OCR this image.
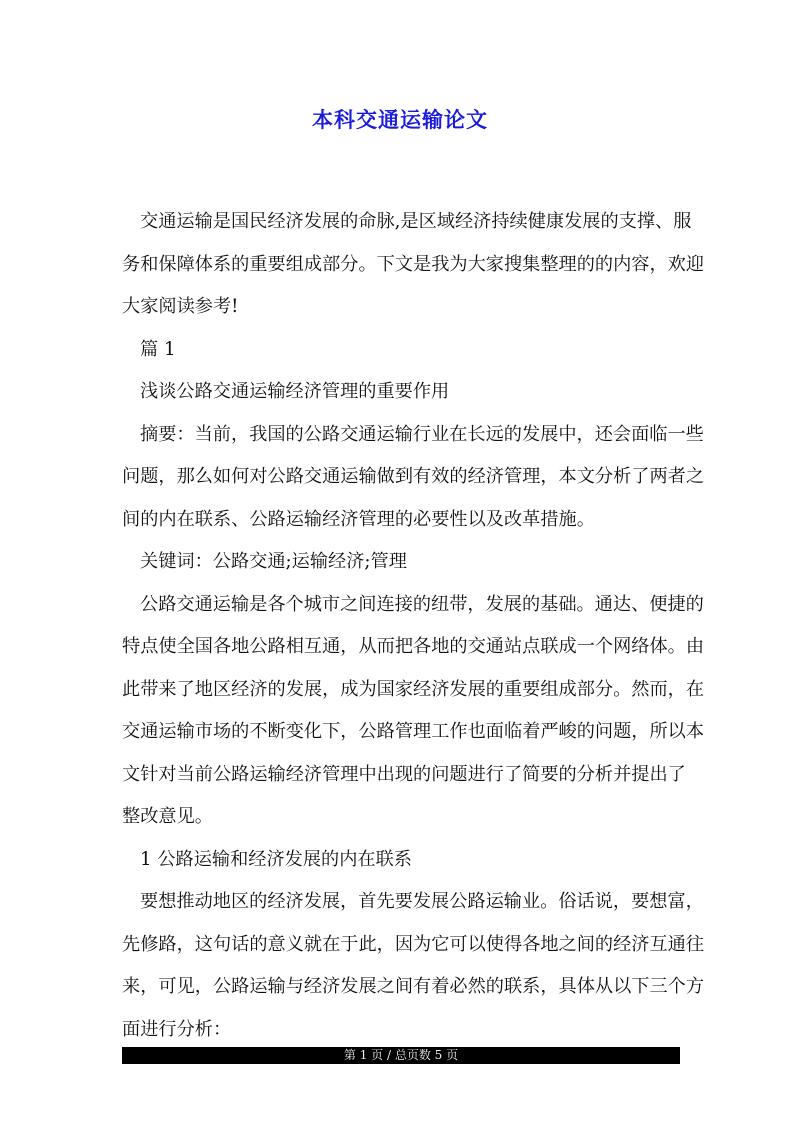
本科交通运输论文
交通运输是国民经济发展的命脉,是区域经济持续健康发展的支撑、服
务和保障体系的重要组成部分。下文是我为大家搜集整理的的内容，欢迎
大家阅读参考!
篇 1
浅谈公路交通运输经济管理的重要作用
摘要：当前，我国的公路交通运输行业在长远的发展中，还会面临一些
问题，那么如何对公路交通运输做到有效的经济管理，本文分析了两者之
间的内在联系、公路运输经济管理的必要性以及改革措施。
关键词：公路交通;运输经济;管理
公路交通运输是各个城市之间连接的纽带，发展的基础。通达、便捷的
特点使全国各地公路相互通，从而把各地的交通站点联成一个网络体。由
此带来了地区经济的发展，成为国家经济发展的重要组成部分。然而，在
交通运输市场的不断变化下，公路管理工作也面临着严峻的问题，所以本
文针对当前公路运输经济管理中出现的问题进行了简要的分析并提出了
整改意见。
1 公路运输和经济发展的内在联系
要想推动地区的经济发展，首先要发展公路运输业。俗话说，要想富，
先修路，这句话的意义就在于此，因为它可以使得各地之间的经济互通往
来，可见，公路运输与经济发展之间有着必然的联系，具体从以下三个方
面进行分析：
第 1 页 / 总页数 5 页
